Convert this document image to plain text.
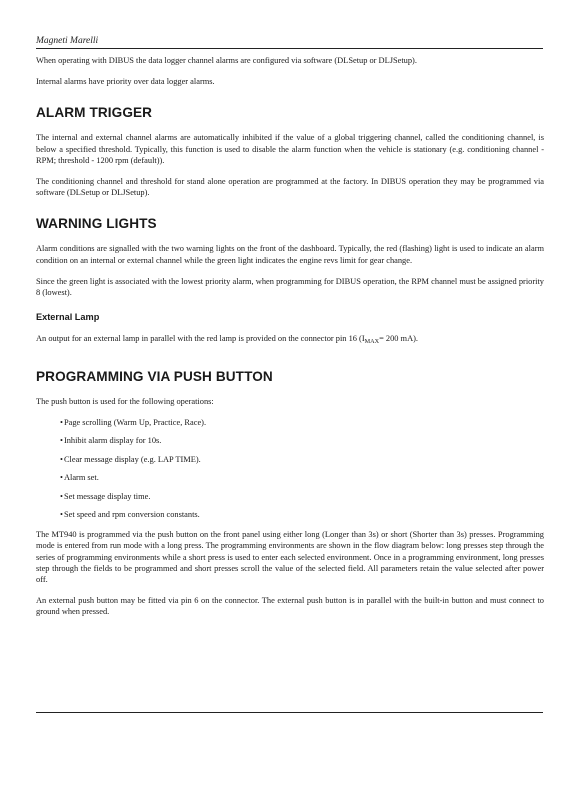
Magneti Marelli

When operating with DIBUS the data logger channel alarms are configured via software (DLSetup or DLJSetup).

Internal alarms have priority over data logger alarms.

ALARM TRIGGER

The internal and external channel alarms are automatically inhibited if the value of a global triggering channel, called the conditioning channel, is below a specified threshold. Typically, this function is used to disable the alarm function when the vehicle is stationary (e.g. conditioning channel - RPM; threshold - 1200 rpm (default)).

The conditioning channel and threshold for stand alone operation are programmed at the factory. In DIBUS operation they may be programmed via software (DLSetup or DLJSetup).

WARNING LIGHTS

Alarm conditions are signalled with the two warning lights on the front of the dashboard. Typically, the red (flashing) light is used to indicate an alarm condition on an internal or external channel while the green light indicates the engine revs limit for gear change.

Since the green light is associated with the lowest priority alarm, when programming for DIBUS operation, the RPM channel must be assigned priority 8 (lowest).

External Lamp

An output for an external lamp in parallel with the red lamp is provided on the connector pin 16 ($I_{MAX}= 200$ mA).

PROGRAMMING VIA PUSH BUTTON

The push button is used for the following operations:

•Page scrolling (Warm Up, Practice, Race).
•Inhibit alarm display for 10s.
•Clear message display (e.g. LAP TIME).
•Alarm set.
•Set message display time.
•Set speed and rpm conversion constants.

The MT940 is programmed via the push button on the front panel using either long (Longer than 3s) or short (Shorter than 3s) presses. Programming mode is entered from run mode with a long press. The programming environments are shown in the flow diagram below: long presses step through the series of programming environments while a short press is used to enter each selected environment. Once in a programming environment, long presses step through the fields to be programmed and short presses scroll the value of the selected field. All parameters retain the value selected after power off.

An external push button may be fitted via pin 6 on the connector. The external push button is in parallel with the built-in button and must connect to ground when pressed.
